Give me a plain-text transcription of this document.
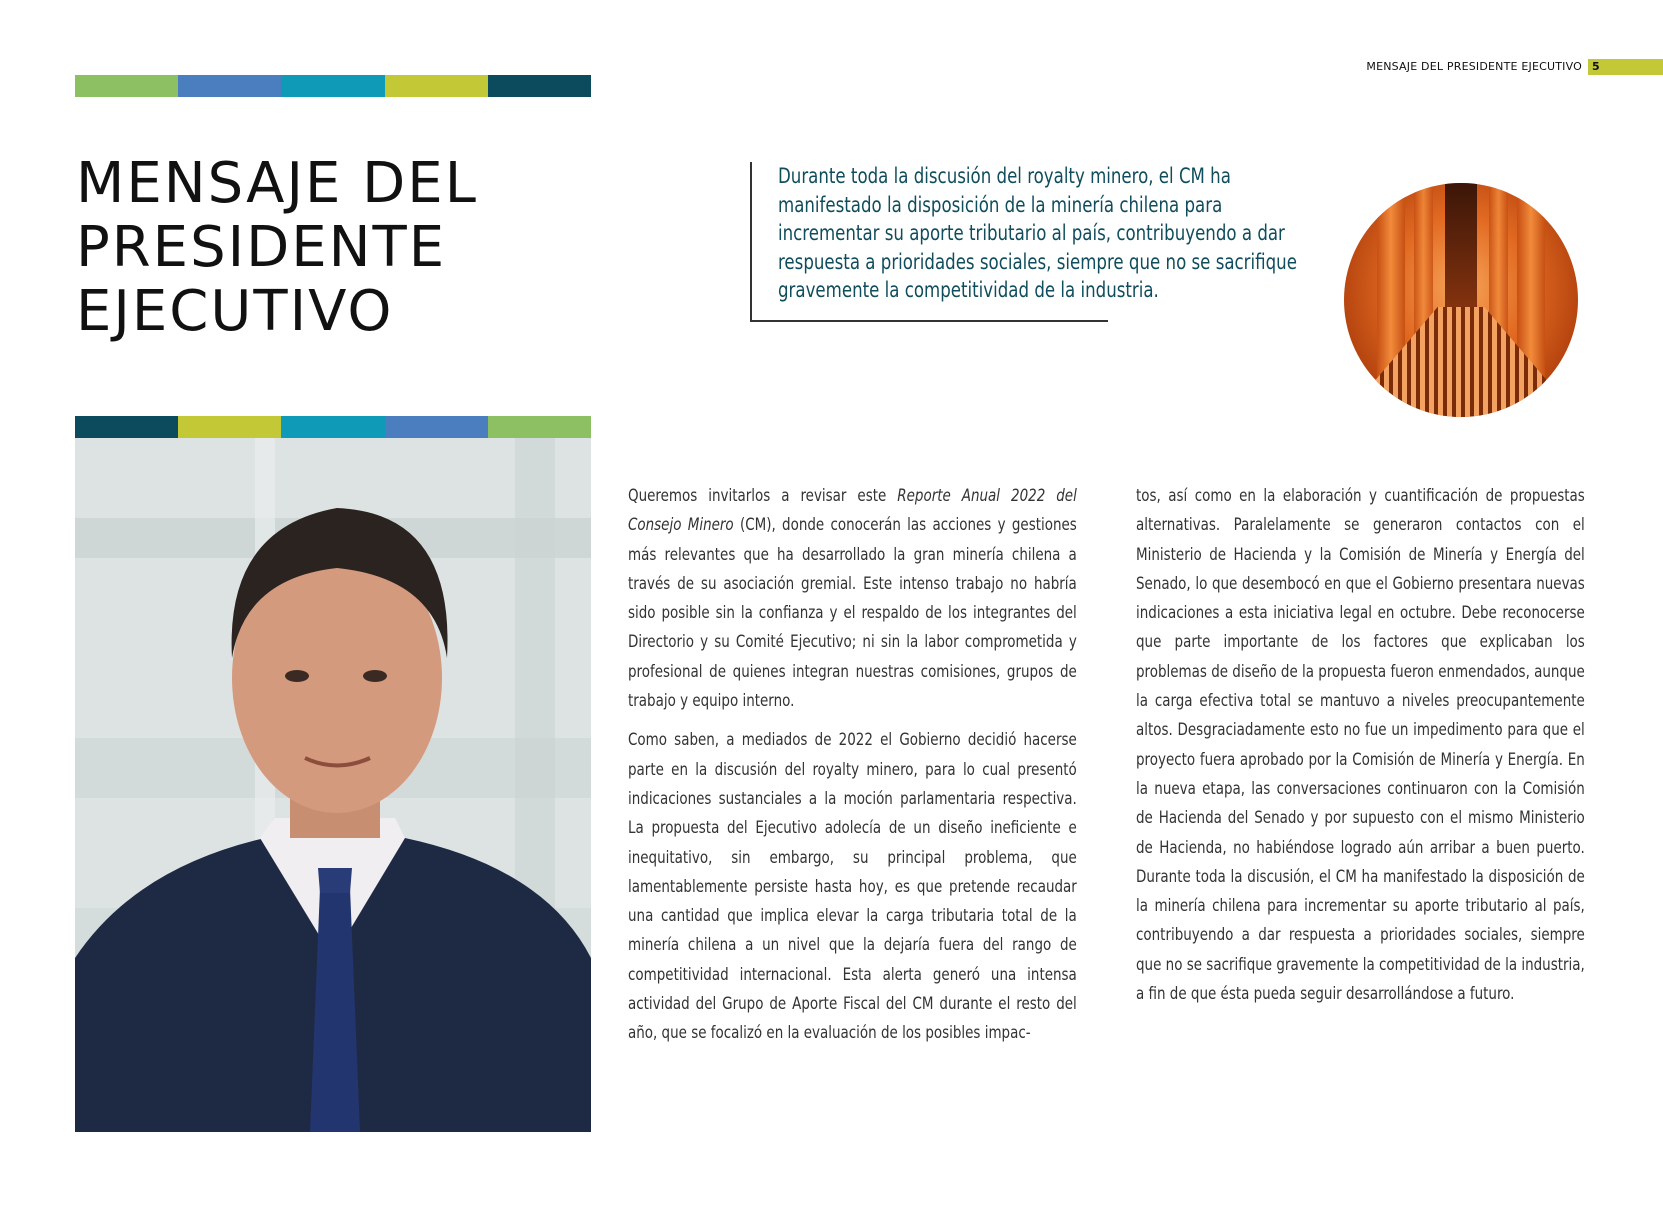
MENSAJE DEL PRESIDENTE EJECUTIVO 5
MENSAJE DEL
PRESIDENTE
EJECUTIVO

Durante toda la discusión del royalty minero, el CM ha manifestado la disposición de la minería chilena para incrementar su aporte tributario al país, contribuyendo a dar respuesta a prioridades sociales, siempre que no se sacrifique gravemente la competitividad de la industria.

Queremos invitarlos a revisar este Reporte Anual 2022 del Consejo Minero (CM), donde conocerán las acciones y gestiones más relevantes que ha desarrollado la gran minería chilena a través de su asociación gremial. Este intenso trabajo no habría sido posible sin la confianza y el respaldo de los integrantes del Directorio y su Comité Ejecutivo; ni sin la labor comprometida y profesional de quienes integran nuestras comisiones, grupos de trabajo y equipo interno.

Como saben, a mediados de 2022 el Gobierno decidió hacerse parte en la discusión del royalty minero, para lo cual presentó indicaciones sustanciales a la moción parlamentaria respectiva. La propuesta del Ejecutivo adolecía de un diseño ineficiente e inequitativo, sin embargo, su principal problema, que lamentablemente persiste hasta hoy, es que pretende recaudar una cantidad que implica elevar la carga tributaria total de la minería chilena a un nivel que la dejaría fuera del rango de competitividad internacional. Esta alerta generó una intensa actividad del Grupo de Aporte Fiscal del CM durante el resto del año, que se focalizó en la evaluación de los posibles impac-

tos, así como en la elaboración y cuantificación de propuestas alternativas. Paralelamente se generaron contactos con el Ministerio de Hacienda y la Comisión de Minería y Energía del Senado, lo que desembocó en que el Gobierno presentara nuevas indicaciones a esta iniciativa legal en octubre. Debe reconocerse que parte importante de los factores que explicaban los problemas de diseño de la propuesta fueron enmendados, aunque la carga efectiva total se mantuvo a niveles preocupantemente altos. Desgraciadamente esto no fue un impedimento para que el proyecto fuera aprobado por la Comisión de Minería y Energía. En la nueva etapa, las conversaciones continuaron con la Comisión de Hacienda del Senado y por supuesto con el mismo Ministerio de Hacienda, no habiéndose logrado aún arribar a buen puerto. Durante toda la discusión, el CM ha manifestado la disposición de la minería chilena para incrementar su aporte tributario al país, contribuyendo a dar respuesta a prioridades sociales, siempre que no se sacrifique gravemente la competitividad de la industria, a fin de que ésta pueda seguir desarrollándose a futuro.
